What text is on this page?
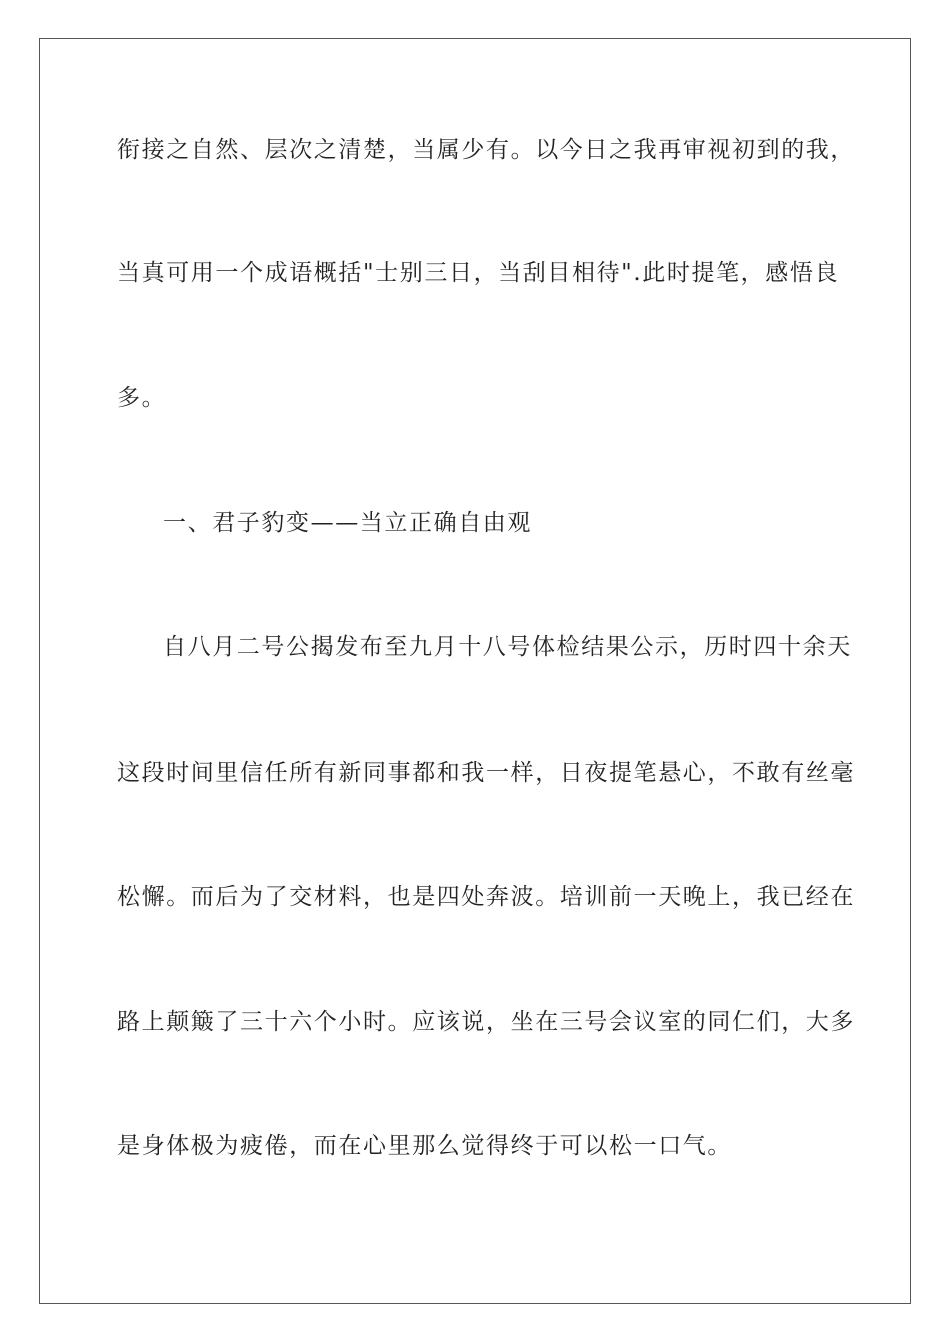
衔接之自然、层次之清楚，当属少有。以今日之我再审视初到的我，
当真可用一个成语概括"士别三日，当刮目相待".此时提笔，感悟良
多。
一、君子豹变——当立正确自由观
自八月二号公揭发布至九月十八号体检结果公示，历时四十余天
这段时间里信任所有新同事都和我一样，日夜提笔悬心，不敢有丝毫
松懈。而后为了交材料，也是四处奔波。培训前一天晚上，我已经在
路上颠簸了三十六个小时。应该说，坐在三号会议室的同仁们，大多
是身体极为疲倦，而在心里那么觉得终于可以松一口气。
